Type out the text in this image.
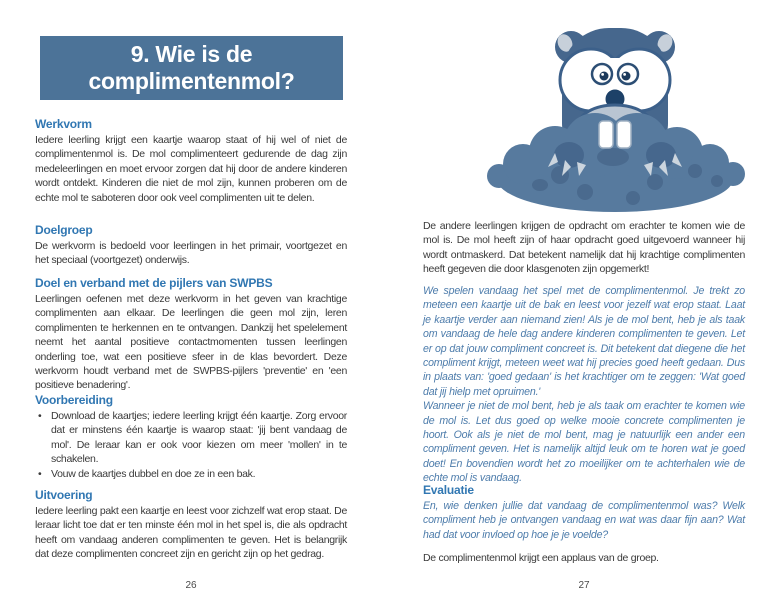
9. Wie is de
complimentenmol?
Werkvorm

Iedere leerling krijgt een kaartje waarop staat of hij wel of niet de complimentenmol is. De mol complimenteert gedurende de dag zijn medeleerlingen en moet ervoor zorgen dat hij door de andere kinderen wordt ontdekt. Kinderen die niet de mol zijn, kunnen proberen om de echte mol te saboteren door ook veel complimenten uit te delen.

Doelgroep

De werkvorm is bedoeld voor leerlingen in het primair, voortgezet en het speciaal (voortgezet) onderwijs.

Doel en verband met de pijlers van SWPBS

Leerlingen oefenen met deze werkvorm in het geven van krachtige complimenten aan elkaar. De leerlingen die geen mol zijn, leren complimenten te herkennen en te ontvangen. Dankzij het spelelement neemt het aantal positieve contactmomenten tussen leerlingen onderling toe, wat een positieve sfeer in de klas bevordert. Deze werkvorm houdt verband met de SWPBS-pijlers 'preventie' en 'een positieve benadering'.

Voorbereiding
• Download de kaartjes; iedere leerling krijgt één kaartje. Zorg ervoor dat er minstens één kaartje is waarop staat: 'jij bent vandaag de mol'. De leraar kan er ook voor kiezen om meer 'mollen' in te schakelen.
• Vouw de kaartjes dubbel en doe ze in een bak.
Uitvoering

Iedere leerling pakt een kaartje en leest voor zichzelf wat erop staat. De leraar licht toe dat er ten minste één mol in het spel is, die als opdracht heeft om vandaag anderen complimenten te geven. Het is belangrijk dat deze complimenten concreet zijn en gericht zijn op het gedrag.

26

De andere leerlingen krijgen de opdracht om erachter te komen wie de mol is. De mol heeft zijn of haar opdracht goed uitgevoerd wanneer hij wordt ontmaskerd. Dat betekent namelijk dat hij krachtige complimenten heeft gegeven die door klasgenoten zijn opgemerkt!

We spelen vandaag het spel met de complimentenmol. Je trekt zo meteen een kaartje uit de bak en leest voor jezelf wat erop staat. Laat je kaartje verder aan niemand zien! Als je de mol bent, heb je als taak om vandaag de hele dag andere kinderen complimenten te geven. Let er op dat jouw compliment concreet is. Dit betekent dat diegene die het compliment krijgt, meteen weet wat hij precies goed heeft gedaan. Dus in plaats van: 'goed gedaan' is het krachtiger om te zeggen: 'Wat goed dat jij hielp met opruimen.'

Wanneer je niet de mol bent, heb je als taak om erachter te komen wie de mol is. Let dus goed op welke mooie concrete complimenten je hoort. Ook als je niet de mol bent, mag je natuurlijk een ander een compliment geven. Het is namelijk altijd leuk om te horen wat je goed doet! En bovendien wordt het zo moeilijker om te achterhalen wie de echte mol is vandaag.

Evaluatie

En, wie denken jullie dat vandaag de complimentenmol was? Welk compliment heb je ontvangen vandaag en wat was daar fijn aan? Wat had dat voor invloed op hoe je je voelde?

De complimentenmol krijgt een applaus van de groep.

27
